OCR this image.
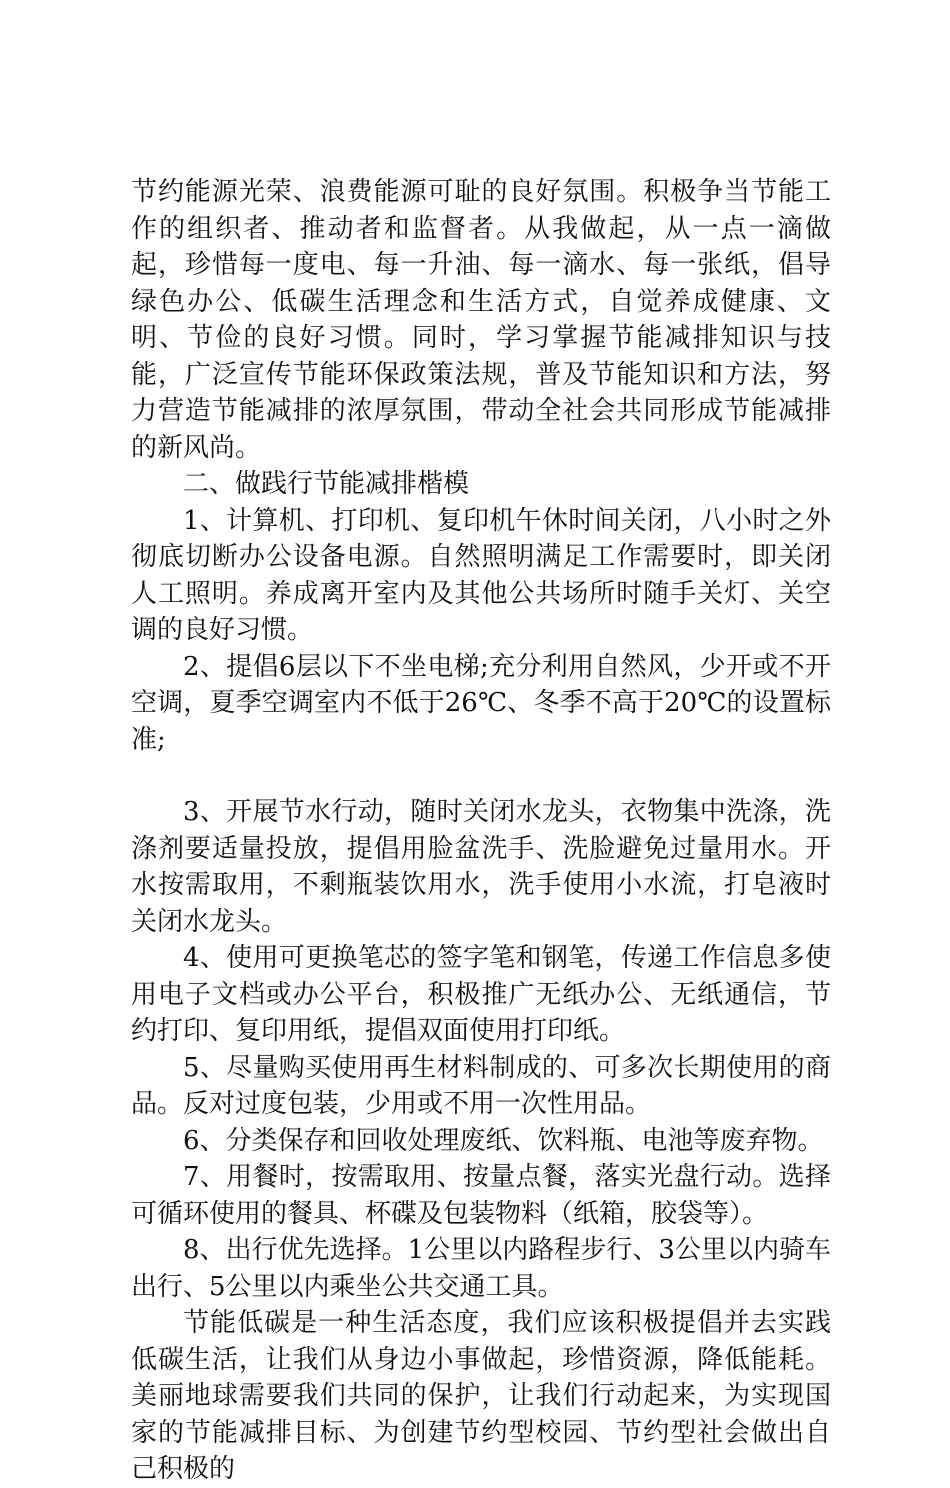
节约能源光荣、浪费能源可耻的良好氛围。积极争当节能工作的组织者、推动者和监督者。从我做起，从一点一滴做起，珍惜每一度电、每一升油、每一滴水、每一张纸，倡导绿色办公、低碳生活理念和生活方式，自觉养成健康、文明、节俭的良好习惯。同时，学习掌握节能减排知识与技能，广泛宣传节能环保政策法规，普及节能知识和方法，努力营造节能减排的浓厚氛围，带动全社会共同形成节能减排的新风尚。

二、做践行节能减排楷模

1、计算机、打印机、复印机午休时间关闭，八小时之外彻底切断办公设备电源。自然照明满足工作需要时，即关闭人工照明。养成离开室内及其他公共场所时随手关灯、关空调的良好习惯。

2、提倡6层以下不坐电梯;充分利用自然风，少开或不开空调，夏季空调室内不低于26℃、冬季不高于20℃的设置标准;

3、开展节水行动，随时关闭水龙头，衣物集中洗涤，洗涤剂要适量投放，提倡用脸盆洗手、洗脸避免过量用水。开水按需取用，不剩瓶装饮用水，洗手使用小水流，打皂液时关闭水龙头。

4、使用可更换笔芯的签字笔和钢笔，传递工作信息多使用电子文档或办公平台，积极推广无纸办公、无纸通信，节约打印、复印用纸，提倡双面使用打印纸。

5、尽量购买使用再生材料制成的、可多次长期使用的商品。反对过度包装，少用或不用一次性用品。

6、分类保存和回收处理废纸、饮料瓶、电池等废弃物。

7、用餐时，按需取用、按量点餐，落实光盘行动。选择可循环使用的餐具、杯碟及包装物料（纸箱，胶袋等）。

8、出行优先选择。1公里以内路程步行、3公里以内骑车出行、5公里以内乘坐公共交通工具。

节能低碳是一种生活态度，我们应该积极提倡并去实践低碳生活，让我们从身边小事做起，珍惜资源，降低能耗。美丽地球需要我们共同的保护，让我们行动起来，为实现国家的节能减排目标、为创建节约型校园、节约型社会做出自己积极的
